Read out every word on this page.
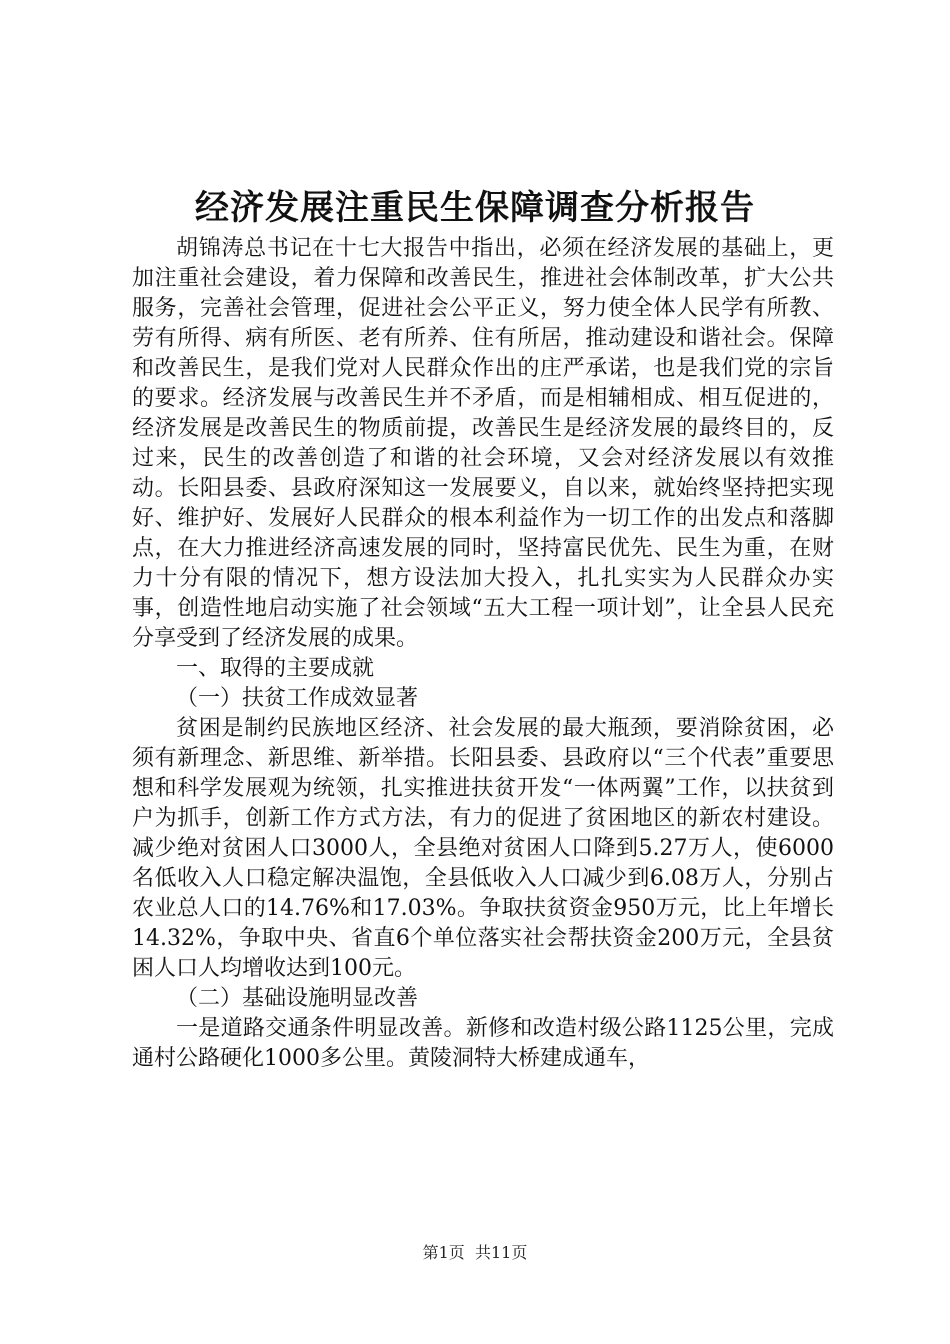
经济发展注重民生保障调查分析报告

胡锦涛总书记在十七大报告中指出，必须在经济发展的基础上，更加注重社会建设，着力保障和改善民生，推进社会体制改革，扩大公共服务，完善社会管理，促进社会公平正义，努力使全体人民学有所教、劳有所得、病有所医、老有所养、住有所居，推动建设和谐社会。保障和改善民生，是我们党对人民群众作出的庄严承诺，也是我们党的宗旨的要求。经济发展与改善民生并不矛盾，而是相辅相成、相互促进的，经济发展是改善民生的物质前提，改善民生是经济发展的最终目的，反过来，民生的改善创造了和谐的社会环境，又会对经济发展以有效推动。长阳县委、县政府深知这一发展要义，自以来，就始终坚持把实现好、维护好、发展好人民群众的根本利益作为一切工作的出发点和落脚点，在大力推进经济高速发展的同时，坚持富民优先、民生为重，在财力十分有限的情况下，想方设法加大投入，扎扎实实为人民群众办实事，创造性地启动实施了社会领域“五大工程一项计划”，让全县人民充分享受到了经济发展的成果。

一、取得的主要成就

（一）扶贫工作成效显著

贫困是制约民族地区经济、社会发展的最大瓶颈，要消除贫困，必须有新理念、新思维、新举措。长阳县委、县政府以“三个代表”重要思想和科学发展观为统领，扎实推进扶贫开发“一体两翼”工作，以扶贫到户为抓手，创新工作方式方法，有力的促进了贫困地区的新农村建设。减少绝对贫困人口3000人，全县绝对贫困人口降到5.27万人，使6000名低收入人口稳定解决温饱，全县低收入人口减少到6.08万人，分别占农业总人口的14.76%和17.03%。争取扶贫资金950万元，比上年增长14.32%，争取中央、省直6个单位落实社会帮扶资金200万元，全县贫困人口人均增收达到100元。

（二）基础设施明显改善

一是道路交通条件明显改善。新修和改造村级公路1125公里，完成通村公路硬化1000多公里。黄陵洞特大桥建成通车，

第1页 共11页
